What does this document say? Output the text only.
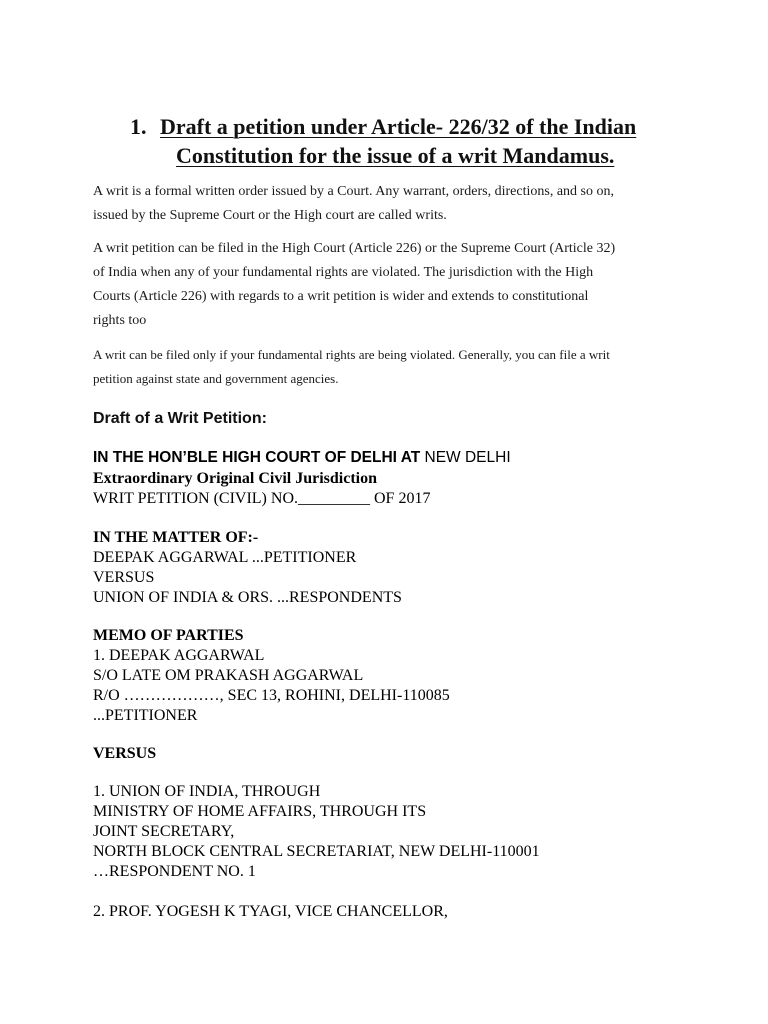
1. Draft a petition under Article- 226/32 of the Indian
Constitution for the issue of a writ Mandamus.
A writ is a formal written order issued by a Court. Any warrant, orders, directions, and so on,
issued by the Supreme Court or the High court are called writs.
A writ petition can be filed in the High Court (Article 226) or the Supreme Court (Article 32)
of India when any of your fundamental rights are violated. The jurisdiction with the High
Courts (Article 226) with regards to a writ petition is wider and extends to constitutional
rights too
A writ can be filed only if your fundamental rights are being violated. Generally, you can file a writ
petition against state and government agencies.
Draft of a Writ Petition:
IN THE HON’BLE HIGH COURT OF DELHI AT NEW DELHI
Extraordinary Original Civil Jurisdiction
WRIT PETITION (CIVIL) NO._________ OF 2017
IN THE MATTER OF:-
DEEPAK AGGARWAL ...PETITIONER
VERSUS
UNION OF INDIA & ORS. ...RESPONDENTS
MEMO OF PARTIES
1. DEEPAK AGGARWAL
S/O LATE OM PRAKASH AGGARWAL
R/O ………………, SEC 13, ROHINI, DELHI-110085
...PETITIONER
VERSUS
1. UNION OF INDIA, THROUGH
MINISTRY OF HOME AFFAIRS, THROUGH ITS
JOINT SECRETARY,
NORTH BLOCK CENTRAL SECRETARIAT, NEW DELHI-110001
…RESPONDENT NO. 1
2. PROF. YOGESH K TYAGI, VICE CHANCELLOR,
